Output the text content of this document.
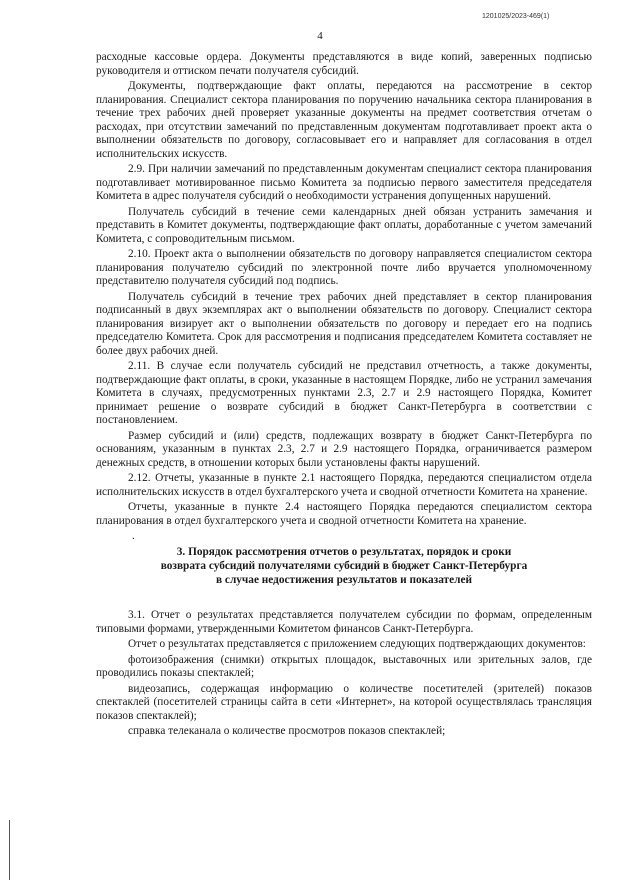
1201025/2023-469(1)
4

расходные кассовые ордера. Документы представляются в виде копий, заверенных подписью руководителя и оттиском печати получателя субсидий.

Документы, подтверждающие факт оплаты, передаются на рассмотрение в сектор планирования. Специалист сектора планирования по поручению начальника сектора планирования в течение трех рабочих дней проверяет указанные документы на предмет соответствия отчетам о расходах, при отсутствии замечаний по представленным документам подготавливает проект акта о выполнении обязательств по договору, согласовывает его и направляет для согласования в отдел исполнительских искусств.

2.9. При наличии замечаний по представленным документам специалист сектора планирования подготавливает мотивированное письмо Комитета за подписью первого заместителя председателя Комитета в адрес получателя субсидий о необходимости устранения допущенных нарушений.

Получатель субсидий в течение семи календарных дней обязан устранить замечания и представить в Комитет документы, подтверждающие факт оплаты, доработанные с учетом замечаний Комитета, с сопроводительным письмом.

2.10. Проект акта о выполнении обязательств по договору направляется специалистом сектора планирования получателю субсидий по электронной почте либо вручается уполномоченному представителю получателя субсидий под подпись.

Получатель субсидий в течение трех рабочих дней представляет в сектор планирования подписанный в двух экземплярах акт о выполнении обязательств по договору. Специалист сектора планирования визирует акт о выполнении обязательств по договору и передает его на подпись председателю Комитета. Срок для рассмотрения и подписания председателем Комитета составляет не более двух рабочих дней.

2.11. В случае если получатель субсидий не представил отчетность, а также документы, подтверждающие факт оплаты, в сроки, указанные в настоящем Порядке, либо не устранил замечания Комитета в случаях, предусмотренных пунктами 2.3, 2.7 и 2.9 настоящего Порядка, Комитет принимает решение о возврате субсидий в бюджет Санкт-Петербурга в соответствии с постановлением.

Размер субсидий и (или) средств, подлежащих возврату в бюджет Санкт-Петербурга по основаниям, указанным в пунктах 2.3, 2.7 и 2.9 настоящего Порядка, ограничивается размером денежных средств, в отношении которых были установлены факты нарушений.

2.12. Отчеты, указанные в пункте 2.1 настоящего Порядка, передаются специалистом отдела исполнительских искусств в отдел бухгалтерского учета и сводной отчетности Комитета на хранение.

Отчеты, указанные в пункте 2.4 настоящего Порядка передаются специалистом сектора планирования в отдел бухгалтерского учета и сводной отчетности Комитета на хранение.

.
3. Порядок рассмотрения отчетов о результатах, порядок и сроки
возврата субсидий получателями субсидий в бюджет Санкт-Петербурга
в случае недостижения результатов и показателей

3.1. Отчет о результатах представляется получателем субсидии по формам, определенным типовыми формами, утвержденными Комитетом финансов Санкт-Петербурга.

Отчет о результатах представляется с приложением следующих подтверждающих документов:

фотоизображения (снимки) открытых площадок, выставочных или зрительных залов, где проводились показы спектаклей;

видеозапись, содержащая информацию о количестве посетителей (зрителей) показов спектаклей (посетителей страницы сайта в сети «Интернет», на которой осуществлялась трансляция показов спектаклей);

справка телеканала о количестве просмотров показов спектаклей;
